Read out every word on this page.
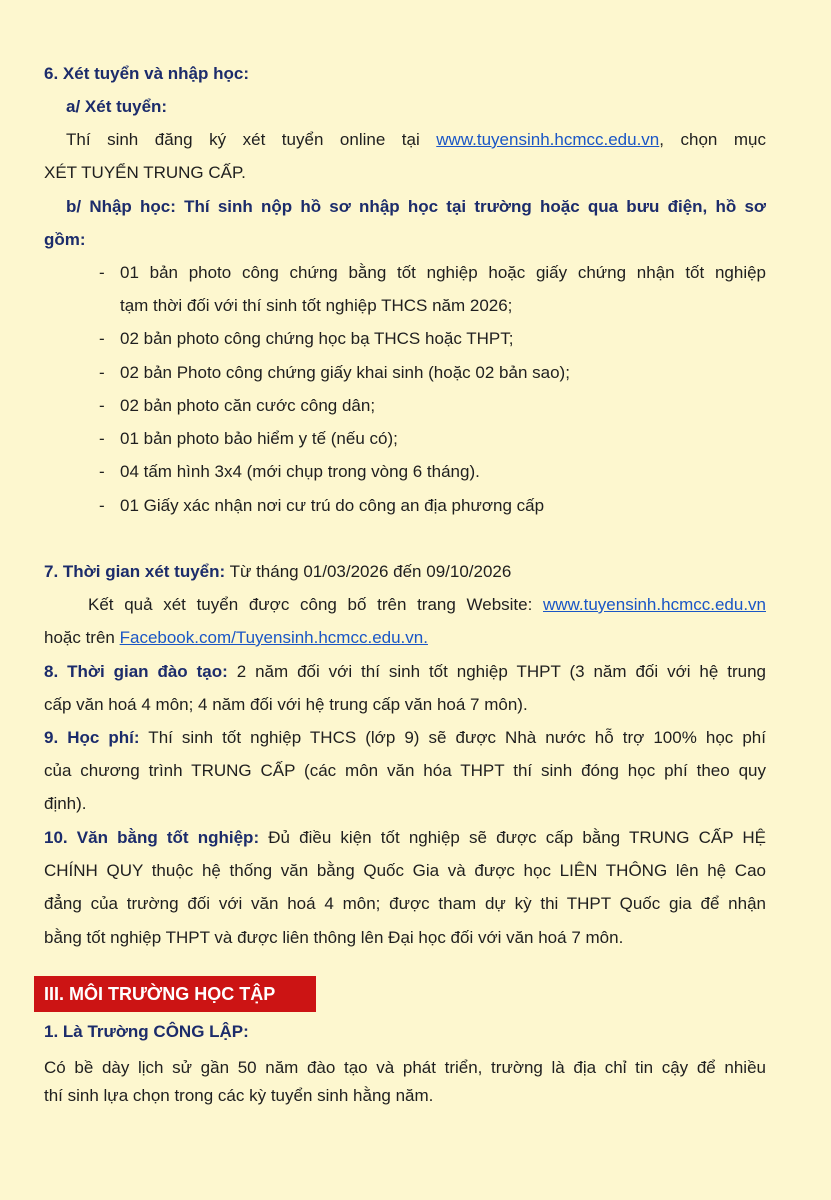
6. Xét tuyển và nhập học:

a/ Xét tuyển:

Thí sinh đăng ký xét tuyển online tại www.tuyensinh.hcmcc.edu.vn, chọn mục

XÉT TUYỂN TRUNG CẤP.

b/ Nhập học: Thí sinh nộp hồ sơ nhập học tại trường hoặc qua bưu điện, hồ sơ

gồm:

- 01 bản photo công chứng bằng tốt nghiệp hoặc giấy chứng nhận tốt nghiệp
tạm thời đối với thí sinh tốt nghiệp THCS năm 2026;
- 02 bản photo công chứng học bạ THCS hoặc THPT;
- 02 bản Photo công chứng giấy khai sinh (hoặc 02 bản sao);
- 02 bản photo căn cước công dân;
- 01 bản photo bảo hiểm y tế (nếu có);
- 04 tấm hình 3x4 (mới chụp trong vòng 6 tháng).
- 01 Giấy xác nhận nơi cư trú do công an địa phương cấp

7. Thời gian xét tuyển: Từ tháng 01/03/2026 đến 09/10/2026

Kết quả xét tuyển được công bố trên trang Website: www.tuyensinh.hcmcc.edu.vn

hoặc trên Facebook.com/Tuyensinh.hcmcc.edu.vn.

8. Thời gian đào tạo: 2 năm đối với thí sinh tốt nghiệp THPT (3 năm đối với hệ trung

cấp văn hoá 4 môn; 4 năm đối với hệ trung cấp văn hoá 7 môn).

9. Học phí: Thí sinh tốt nghiệp THCS (lớp 9) sẽ được Nhà nước hỗ trợ 100% học phí

của chương trình TRUNG CẤP (các môn văn hóa THPT thí sinh đóng học phí theo quy

định).

10. Văn bằng tốt nghiệp: Đủ điều kiện tốt nghiệp sẽ được cấp bằng TRUNG CẤP HỆ

CHÍNH QUY thuộc hệ thống văn bằng Quốc Gia và được học LIÊN THÔNG lên hệ Cao

đẳng của trường đối với văn hoá 4 môn; được tham dự kỳ thi THPT Quốc gia để nhận

bằng tốt nghiệp THPT và được liên thông lên Đại học đối với văn hoá 7 môn.

III. MÔI TRƯỜNG HỌC TẬP

1. Là Trường CÔNG LẬP:

Có bề dày lịch sử gần 50 năm đào tạo và phát triển, trường là địa chỉ tin cậy để nhiều

thí sinh lựa chọn trong các kỳ tuyển sinh hằng năm.
